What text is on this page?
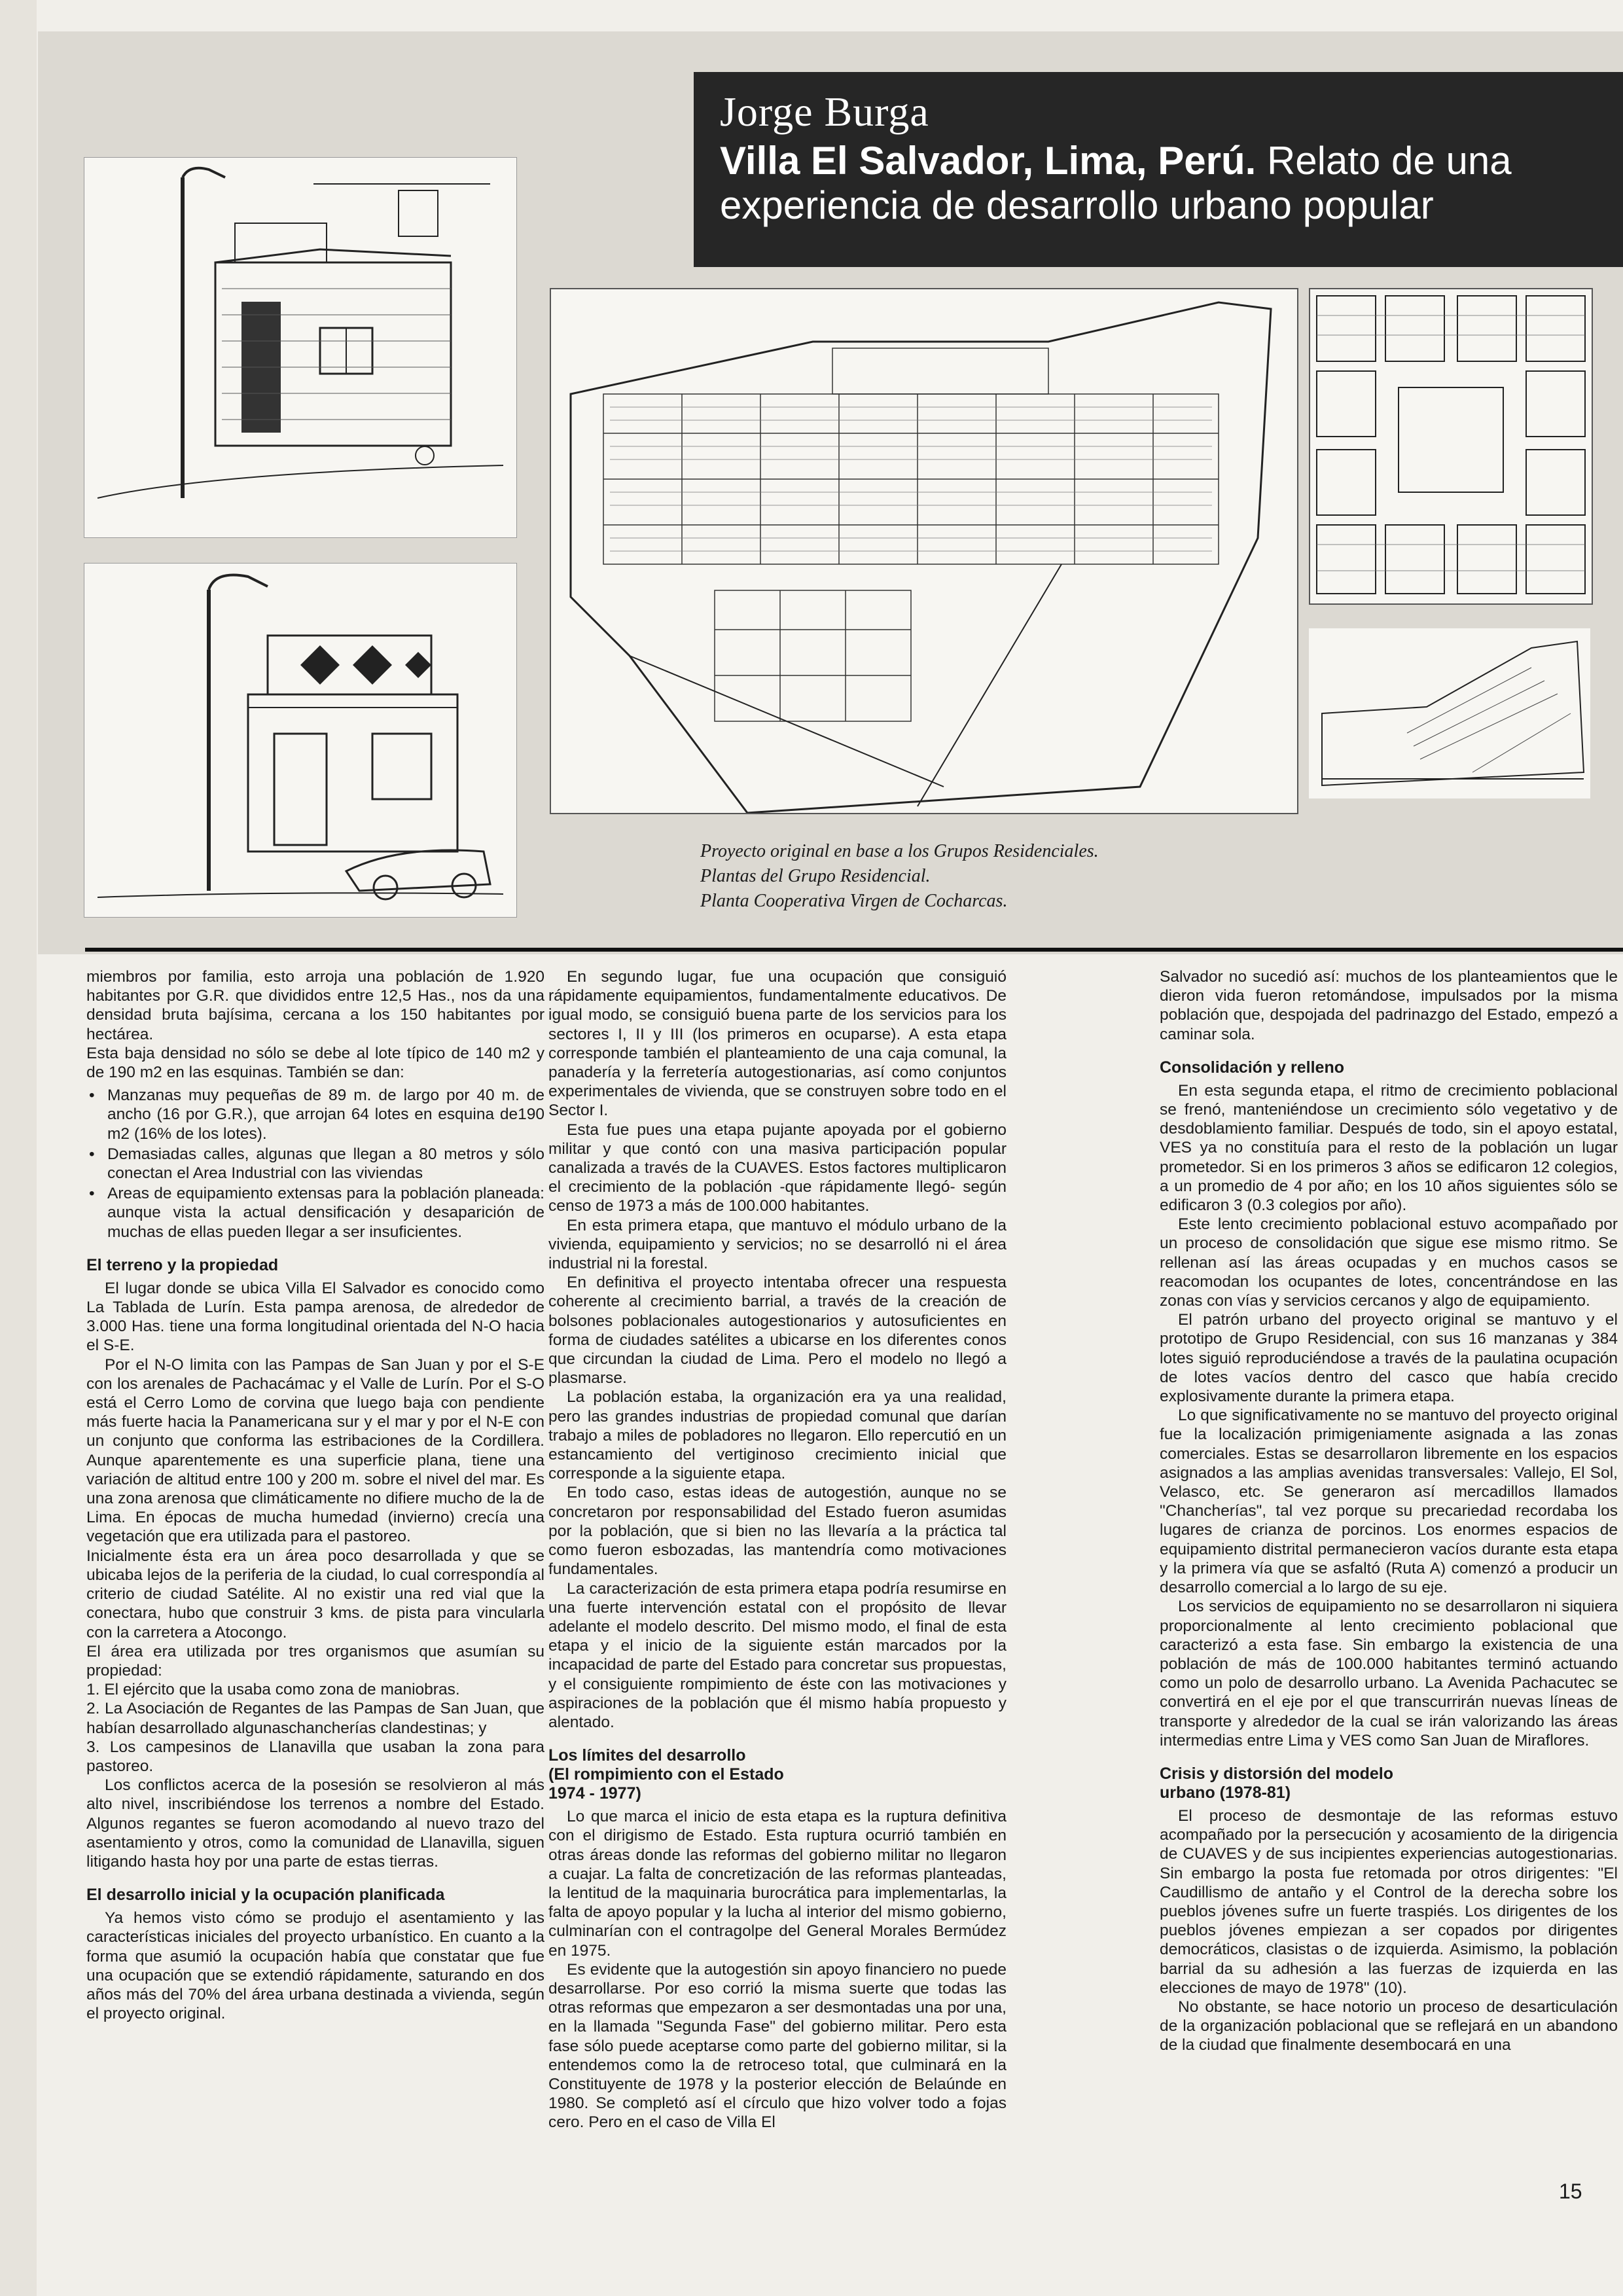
Jorge Burga
Villa El Salvador, Lima, Perú. Relato de una experiencia de desarrollo urbano popular
Proyecto original en base a los Grupos Residenciales.
Plantas del Grupo Residencial.
Planta Cooperativa Virgen de Cocharcas.

miembros por familia, esto arroja una población de 1.920 habitantes por G.R. que divididos entre 12,5 Has., nos da una densidad bruta bajísima, cercana a los 150 habitantes por hectárea.

Esta baja densidad no sólo se debe al lote típico de 140 m2 y de 190 m2 en las esquinas. También se dan:

• Manzanas muy pequeñas de 89 m. de largo por 40 m. de ancho (16 por G.R.), que arrojan 64 lotes en esquina de190 m2 (16% de los lotes).
• Demasiadas calles, algunas que llegan a 80 metros y sólo conectan el Area Industrial con las viviendas
• Areas de equipamiento extensas para la población planeada: aunque vista la actual densificación y desaparición de muchas de ellas pueden llegar a ser insuficientes.
El terreno y la propiedad

El lugar donde se ubica Villa El Salvador es conocido como La Tablada de Lurín. Esta pampa arenosa, de alrededor de 3.000 Has. tiene una forma longitudinal orientada del N-O hacia el S-E.

Por el N-O limita con las Pampas de San Juan y por el S-E con los arenales de Pachacámac y el Valle de Lurín. Por el S-O está el Cerro Lomo de corvina que luego baja con pendiente más fuerte hacia la Panamericana sur y el mar y por el N-E con un conjunto que conforma las estribaciones de la Cordillera. Aunque aparentemente es una superficie plana, tiene una variación de altitud entre 100 y 200 m. sobre el nivel del mar. Es una zona arenosa que climáticamente no difiere mucho de la de Lima. En épocas de mucha humedad (invierno) crecía una vegetación que era utilizada para el pastoreo.

Inicialmente ésta era un área poco desarrollada y que se ubicaba lejos de la periferia de la ciudad, lo cual correspondía al criterio de ciudad Satélite. Al no existir una red vial que la conectara, hubo que construir 3 kms. de pista para vincularla con la carretera a Atocongo.

El área era utilizada por tres organismos que asumían su propiedad:

1. El ejército que la usaba como zona de maniobras.

2. La Asociación de Regantes de las Pampas de San Juan, que habían desarrollado algunaschancherías clandestinas; y

3. Los campesinos de Llanavilla que usaban la zona para pastoreo.

Los conflictos acerca de la posesión se resolvieron al más alto nivel, inscribiéndose los terrenos a nombre del Estado. Algunos regantes se fueron acomodando al nuevo trazo del asentamiento y otros, como la comunidad de Llanavilla, siguen litigando hasta hoy por una parte de estas tierras.

El desarrollo inicial y la ocupación planificada

Ya hemos visto cómo se produjo el asentamiento y las características iniciales del proyecto urbanístico. En cuanto a la forma que asumió la ocupación había que constatar que fue una ocupación que se extendió rápidamente, saturando en dos años más del 70% del área urbana destinada a vivienda, según el proyecto original.

En segundo lugar, fue una ocupación que consiguió rápidamente equipamientos, fundamentalmente educativos. De igual modo, se consiguió buena parte de los servicios para los sectores I, II y III (los primeros en ocuparse). A esta etapa corresponde también el planteamiento de una caja comunal, la panadería y la ferretería autogestionarias, así como conjuntos experimentales de vivienda, que se construyen sobre todo en el Sector I.

Esta fue pues una etapa pujante apoyada por el gobierno militar y que contó con una masiva participación popular canalizada a través de la CUAVES. Estos factores multiplicaron el crecimiento de la población -que rápidamente llegó- según censo de 1973 a más de 100.000 habitantes.

En esta primera etapa, que mantuvo el módulo urbano de la vivienda, equipamiento y servicios; no se desarrolló ni el área industrial ni la forestal.

En definitiva el proyecto intentaba ofrecer una respuesta coherente al crecimiento barrial, a través de la creación de bolsones poblacionales autogestionarios y autosuficientes en forma de ciudades satélites a ubicarse en los diferentes conos que circundan la ciudad de Lima. Pero el modelo no llegó a plasmarse.

La población estaba, la organización era ya una realidad, pero las grandes industrias de propiedad comunal que darían trabajo a miles de pobladores no llegaron. Ello repercutió en un estancamiento del vertiginoso crecimiento inicial que corresponde a la siguiente etapa.

En todo caso, estas ideas de autogestión, aunque no se concretaron por responsabilidad del Estado fueron asumidas por la población, que si bien no las llevaría a la práctica tal como fueron esbozadas, las mantendría como motivaciones fundamentales.

La caracterización de esta primera etapa podría resumirse en una fuerte intervención estatal con el propósito de llevar adelante el modelo descrito. Del mismo modo, el final de esta etapa y el inicio de la siguiente están marcados por la incapacidad de parte del Estado para concretar sus propuestas, y el consiguiente rompimiento de éste con las motivaciones y aspiraciones de la población que él mismo había propuesto y alentado.

Los límites del desarrollo
(El rompimiento con el Estado
1974 - 1977)

Lo que marca el inicio de esta etapa es la ruptura definitiva con el dirigismo de Estado. Esta ruptura ocurrió también en otras áreas donde las reformas del gobierno militar no llegaron a cuajar. La falta de concretización de las reformas planteadas, la lentitud de la maquinaria burocrática para implementarlas, la falta de apoyo popular y la lucha al interior del mismo gobierno, culminarían con el contragolpe del General Morales Bermúdez en 1975.

Es evidente que la autogestión sin apoyo financiero no puede desarrollarse. Por eso corrió la misma suerte que todas las otras reformas que empezaron a ser desmontadas una por una, en la llamada "Segunda Fase" del gobierno militar. Pero esta fase sólo puede aceptarse como parte del gobierno militar, si la entendemos como la de retroceso total, que culminará en la Constituyente de 1978 y la posterior elección de Belaúnde en 1980. Se completó así el círculo que hizo volver todo a fojas cero. Pero en el caso de Villa El

Salvador no sucedió así: muchos de los planteamientos que le dieron vida fueron retomándose, impulsados por la misma población que, despojada del padrinazgo del Estado, empezó a caminar sola.

Consolidación y relleno

En esta segunda etapa, el ritmo de crecimiento poblacional se frenó, manteniéndose un crecimiento sólo vegetativo y de desdoblamiento familiar. Después de todo, sin el apoyo estatal, VES ya no constituía para el resto de la población un lugar prometedor. Si en los primeros 3 años se edificaron 12 colegios, a un promedio de 4 por año; en los 10 años siguientes sólo se edificaron 3 (0.3 colegios por año).

Este lento crecimiento poblacional estuvo acompañado por un proceso de consolidación que sigue ese mismo ritmo. Se rellenan así las áreas ocupadas y en muchos casos se reacomodan los ocupantes de lotes, concentrándose en las zonas con vías y servicios cercanos y algo de equipamiento.

El patrón urbano del proyecto original se mantuvo y el prototipo de Grupo Residencial, con sus 16 manzanas y 384 lotes siguió reproduciéndose a través de la paulatina ocupación de lotes vacíos dentro del casco que había crecido explosivamente durante la primera etapa.

Lo que significativamente no se mantuvo del proyecto original fue la localización primigeniamente asignada a las zonas comerciales. Estas se desarrollaron libremente en los espacios asignados a las amplias avenidas transversales: Vallejo, El Sol, Velasco, etc. Se generaron así mercadillos llamados "Chancherías", tal vez porque su precariedad recordaba los lugares de crianza de porcinos. Los enormes espacios de equipamiento distrital permanecieron vacíos durante esta etapa y la primera vía que se asfaltó (Ruta A) comenzó a producir un desarrollo comercial a lo largo de su eje.

Los servicios de equipamiento no se desarrollaron ni siquiera proporcionalmente al lento crecimiento poblacional que caracterizó a esta fase. Sin embargo la existencia de una población de más de 100.000 habitantes terminó actuando como un polo de desarrollo urbano. La Avenida Pachacutec se convertirá en el eje por el que transcurrirán nuevas líneas de transporte y alrededor de la cual se irán valorizando las áreas intermedias entre Lima y VES como San Juan de Miraflores.

Crisis y distorsión del modelo
urbano (1978-81)

El proceso de desmontaje de las reformas estuvo acompañado por la persecución y acosamiento de la dirigencia de CUAVES y de sus incipientes experiencias autogestionarias. Sin embargo la posta fue retomada por otros dirigentes: "El Caudillismo de antaño y el Control de la derecha sobre los pueblos jóvenes sufre un fuerte traspiés. Los dirigentes de los pueblos jóvenes empiezan a ser copados por dirigentes democráticos, clasistas o de izquierda. Asimismo, la población barrial da su adhesión a las fuerzas de izquierda en las elecciones de mayo de 1978" (10).

No obstante, se hace notorio un proceso de desarticulación de la organización poblacional que se reflejará en un abandono de la ciudad que finalmente desembocará en una

15
